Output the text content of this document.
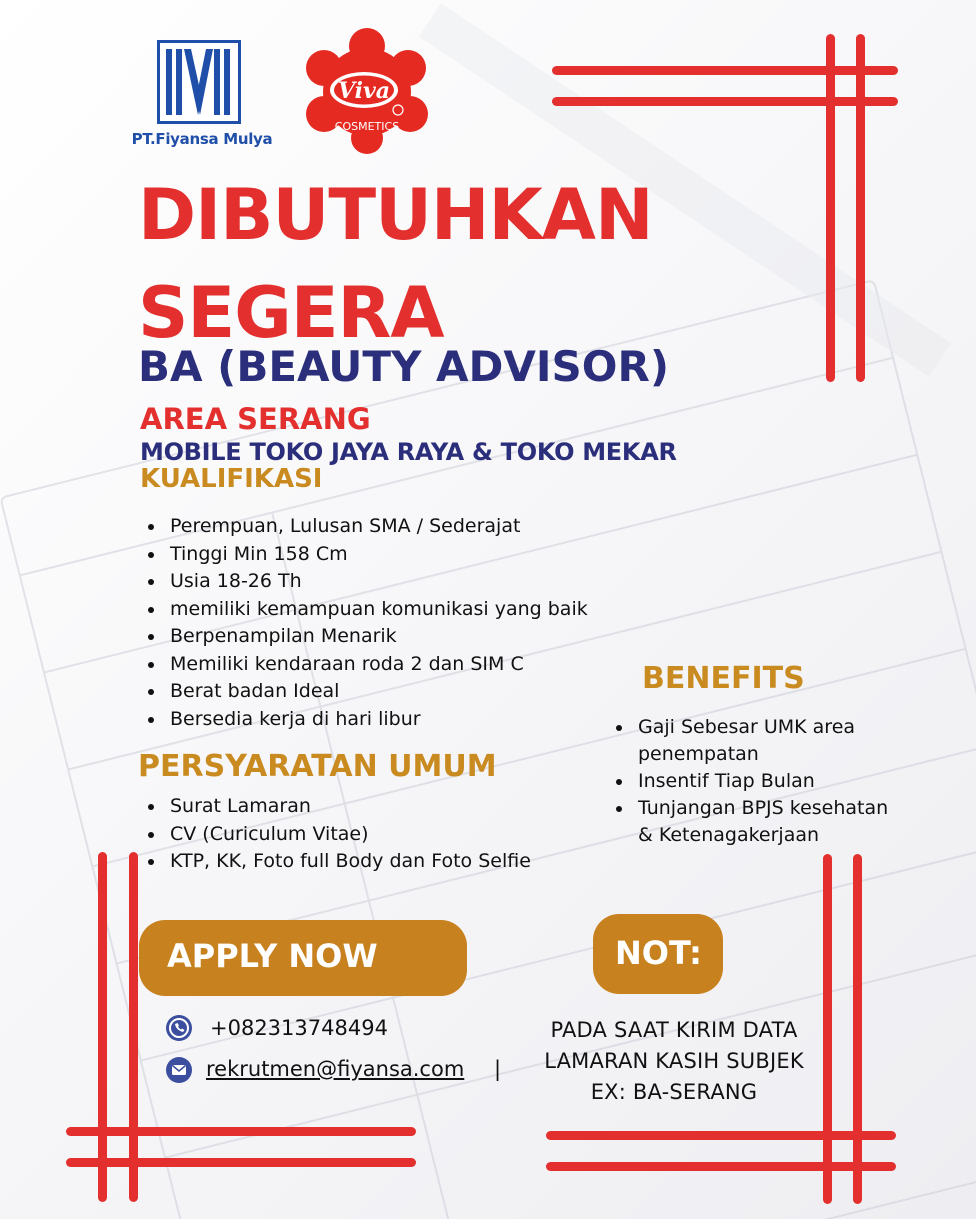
PT.Fiyansa Mulya
Viva
COSMETICS
DIBUTUHKAN
SEGERA
BA (BEAUTY ADVISOR)
AREA SERANG
MOBILE TOKO JAYA RAYA & TOKO MEKAR
KUALIFIKASI
Perempuan, Lulusan SMA / Sederajat
Tinggi Min 158 Cm
Usia 18-26 Th
memiliki kemampuan komunikasi yang baik
Berpenampilan Menarik
Memiliki kendaraan roda 2 dan SIM C
Berat badan Ideal
Bersedia kerja di hari libur
PERSYARATAN UMUM
Surat Lamaran
CV (Curiculum Vitae)
KTP, KK, Foto full Body dan Foto Selfie
BENEFITS
Gaji Sebesar UMK area penempatan
Insentif Tiap Bulan
Tunjangan BPJS kesehatan & Ketenagakerjaan
APPLY NOW
+082313748494
rekrutmen@fiyansa.com |
NOT:
PADA SAAT KIRIM DATA
LAMARAN KASIH SUBJEK
EX: BA-SERANG
